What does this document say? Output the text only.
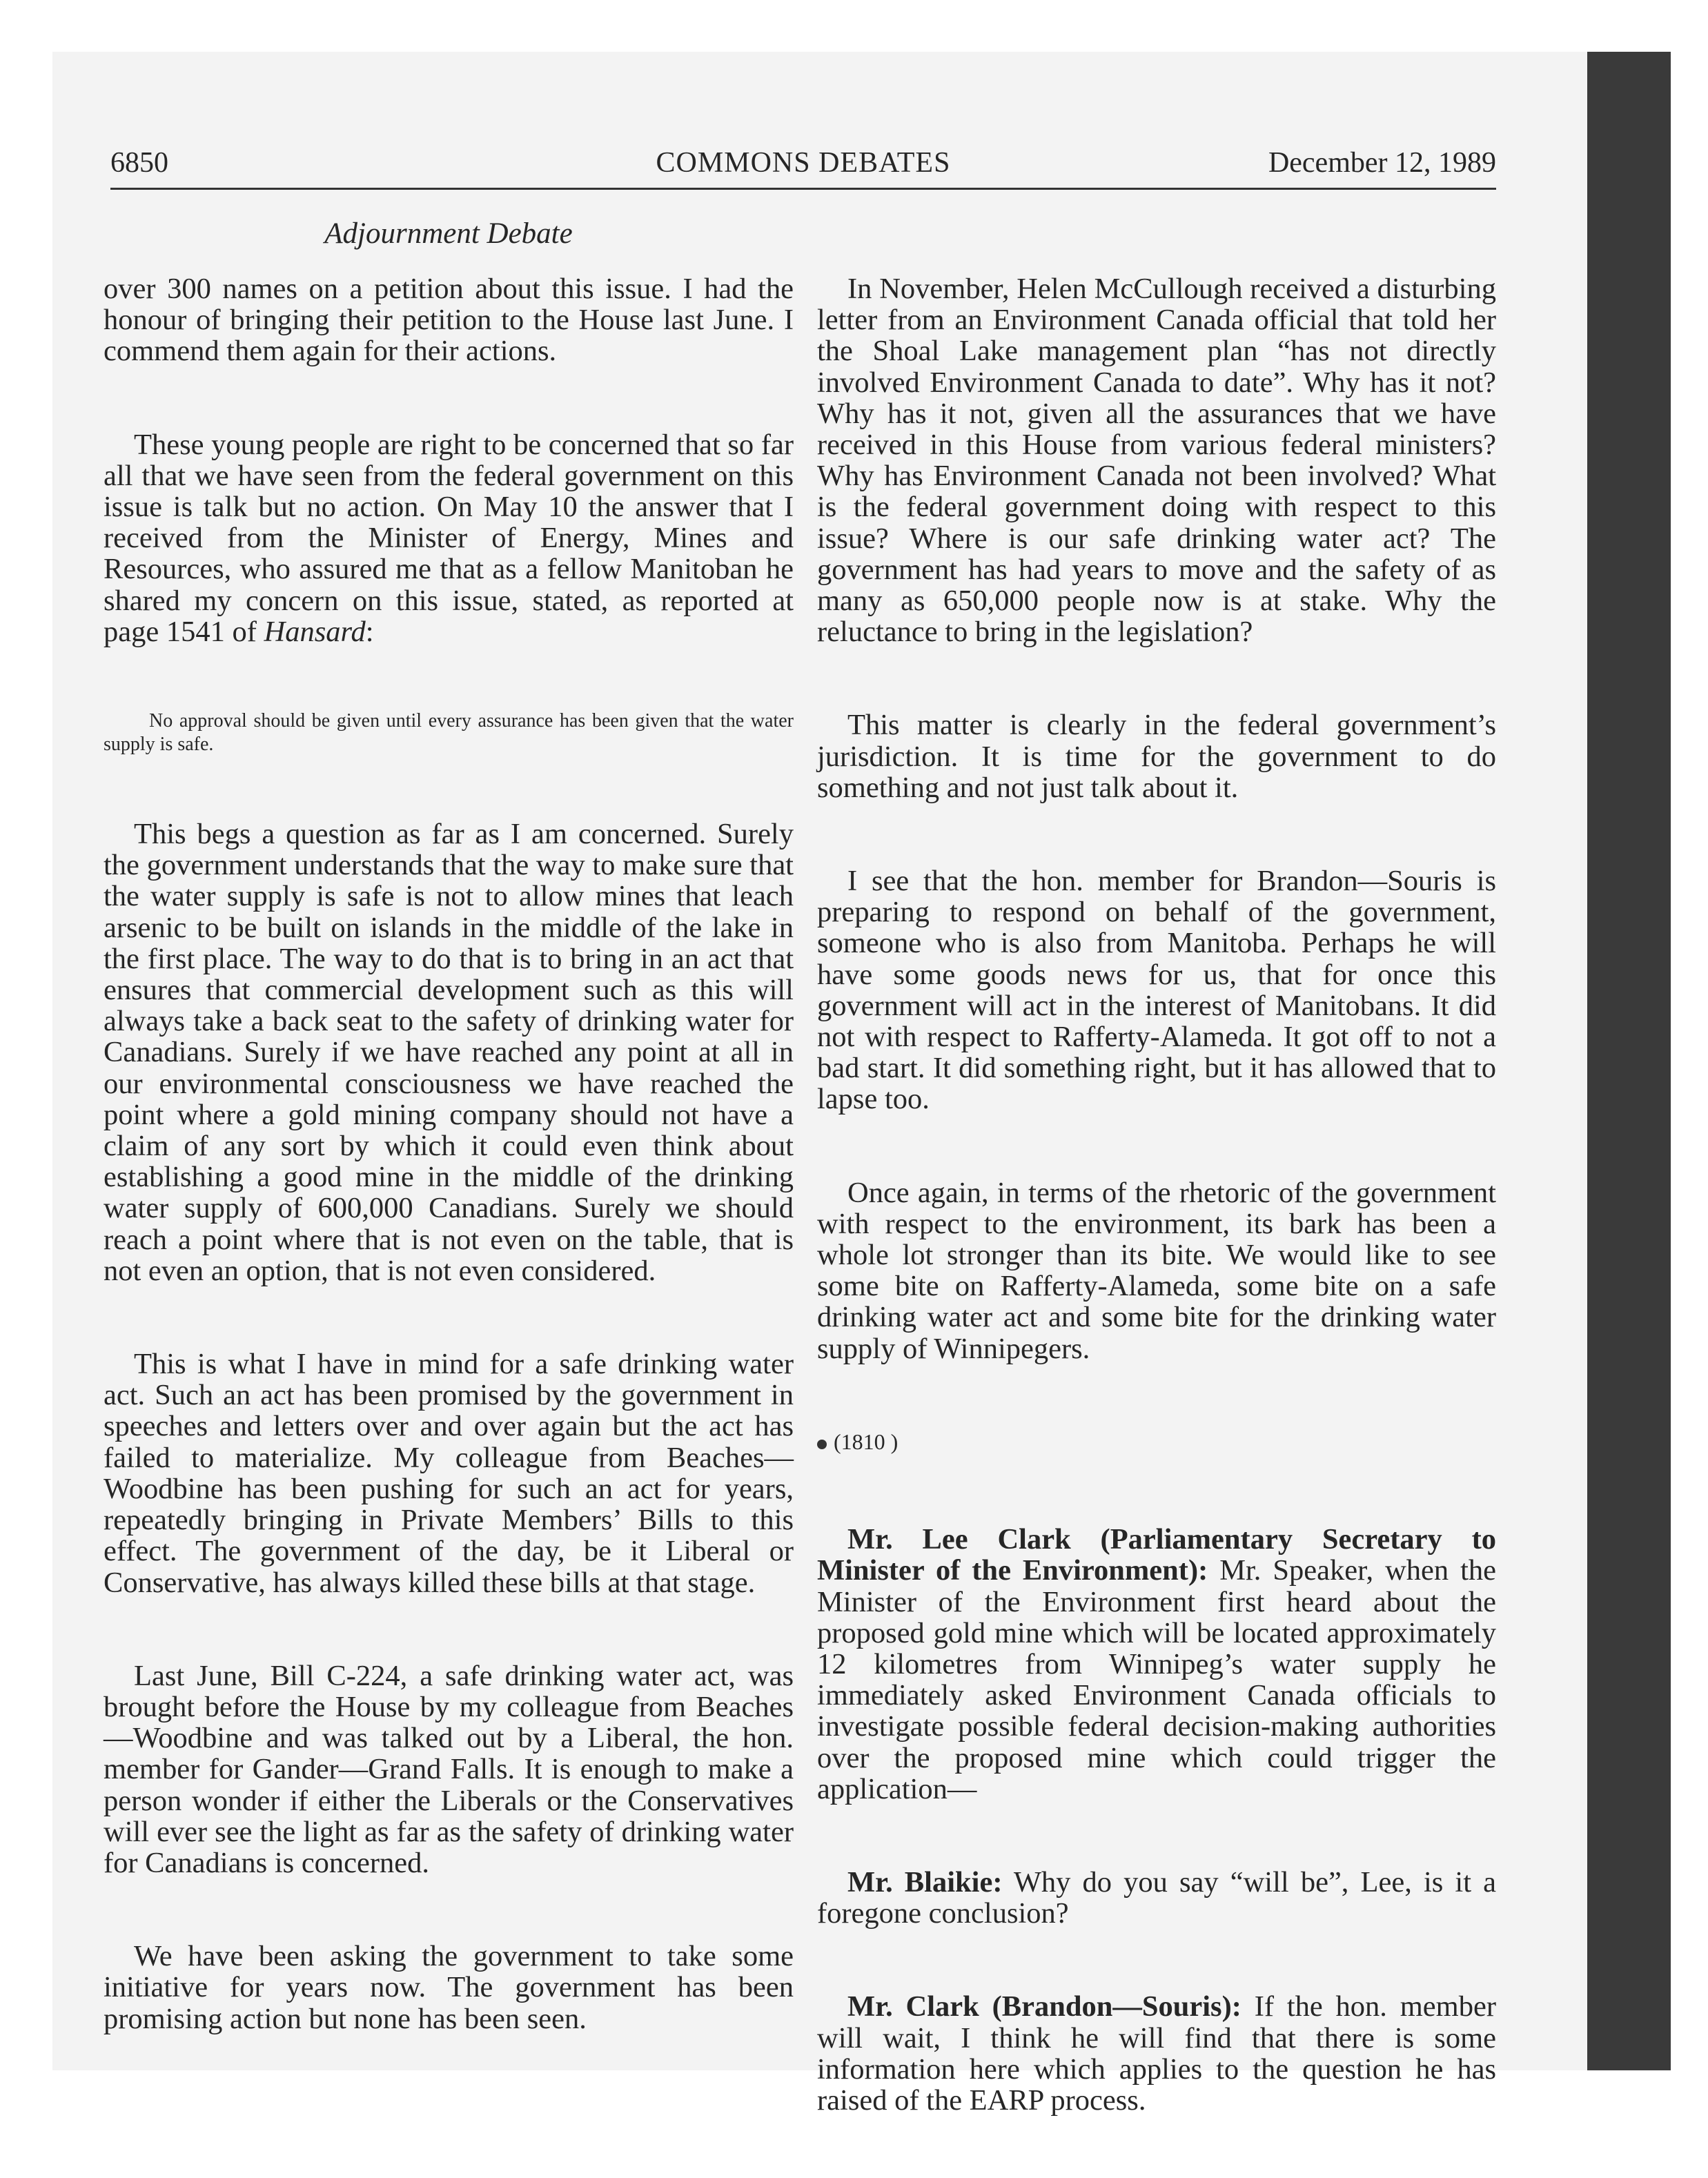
6850	COMMONS DEBATES	December 12, 1989
Adjournment Debate

over 300 names on a petition about this issue. I had the honour of bringing their petition to the House last June. I commend them again for their actions.

These young people are right to be concerned that so far all that we have seen from the federal government on this issue is talk but no action. On May 10 the answer that I received from the Minister of Energy, Mines and Resources, who assured me that as a fellow Manitoban he shared my concern on this issue, stated, as reported at page 1541 of Hansard:

No approval should be given until every assurance has been given that the water supply is safe.

This begs a question as far as I am concerned. Surely the government understands that the way to make sure that the water supply is safe is not to allow mines that leach arsenic to be built on islands in the middle of the lake in the first place. The way to do that is to bring in an act that ensures that commercial development such as this will always take a back seat to the safety of drinking water for Canadians. Surely if we have reached any point at all in our environmental consciousness we have reached the point where a gold mining company should not have a claim of any sort by which it could even think about establishing a good mine in the middle of the drinking water supply of 600,000 Canadians. Surely we should reach a point where that is not even on the table, that is not even an option, that is not even considered.

This is what I have in mind for a safe drinking water act. Such an act has been promised by the government in speeches and letters over and over again but the act has failed to materialize. My colleague from Beaches—Woodbine has been pushing for such an act for years, repeatedly bringing in Private Members’ Bills to this effect. The government of the day, be it Liberal or Conservative, has always killed these bills at that stage.

Last June, Bill C-224, a safe drinking water act, was brought before the House by my colleague from Beaches—Woodbine and was talked out by a Liberal, the hon. member for Gander—Grand Falls. It is enough to make a person wonder if either the Liberals or the Conservatives will ever see the light as far as the safety of drinking water for Canadians is concerned.

We have been asking the government to take some initiative for years now. The government has been promising action but none has been seen.

In November, Helen McCullough received a disturbing letter from an Environment Canada official that told her the Shoal Lake management plan “has not directly involved Environment Canada to date”. Why has it not? Why has it not, given all the assurances that we have received in this House from various federal ministers? Why has Environment Canada not been involved? What is the federal government doing with respect to this issue? Where is our safe drinking water act? The government has had years to move and the safety of as many as 650,000 people now is at stake. Why the reluctance to bring in the legislation?

This matter is clearly in the federal government’s jurisdiction. It is time for the government to do something and not just talk about it.

I see that the hon. member for Brandon—Souris is preparing to respond on behalf of the government, someone who is also from Manitoba. Perhaps he will have some goods news for us, that for once this government will act in the interest of Manitobans. It did not with respect to Rafferty-Alameda. It got off to not a bad start. It did something right, but it has allowed that to lapse too.

Once again, in terms of the rhetoric of the government with respect to the environment, its bark has been a whole lot stronger than its bite. We would like to see some bite on Rafferty-Alameda, some bite on a safe drinking water act and some bite for the drinking water supply of Winnipegers.

(1810 )

Mr. Lee Clark (Parliamentary Secretary to Minister of the Environment): Mr. Speaker, when the Minister of the Environment first heard about the proposed gold mine which will be located approximately 12 kilometres from Winnipeg’s water supply he immediately asked Environment Canada officials to investigate possible federal decision-making authorities over the proposed mine which could trigger the application—

Mr. Blaikie: Why do you say “will be”, Lee, is it a foregone conclusion?

Mr. Clark (Brandon—Souris): If the hon. member will wait, I think he will find that there is some information here which applies to the question he has raised of the EARP process.
